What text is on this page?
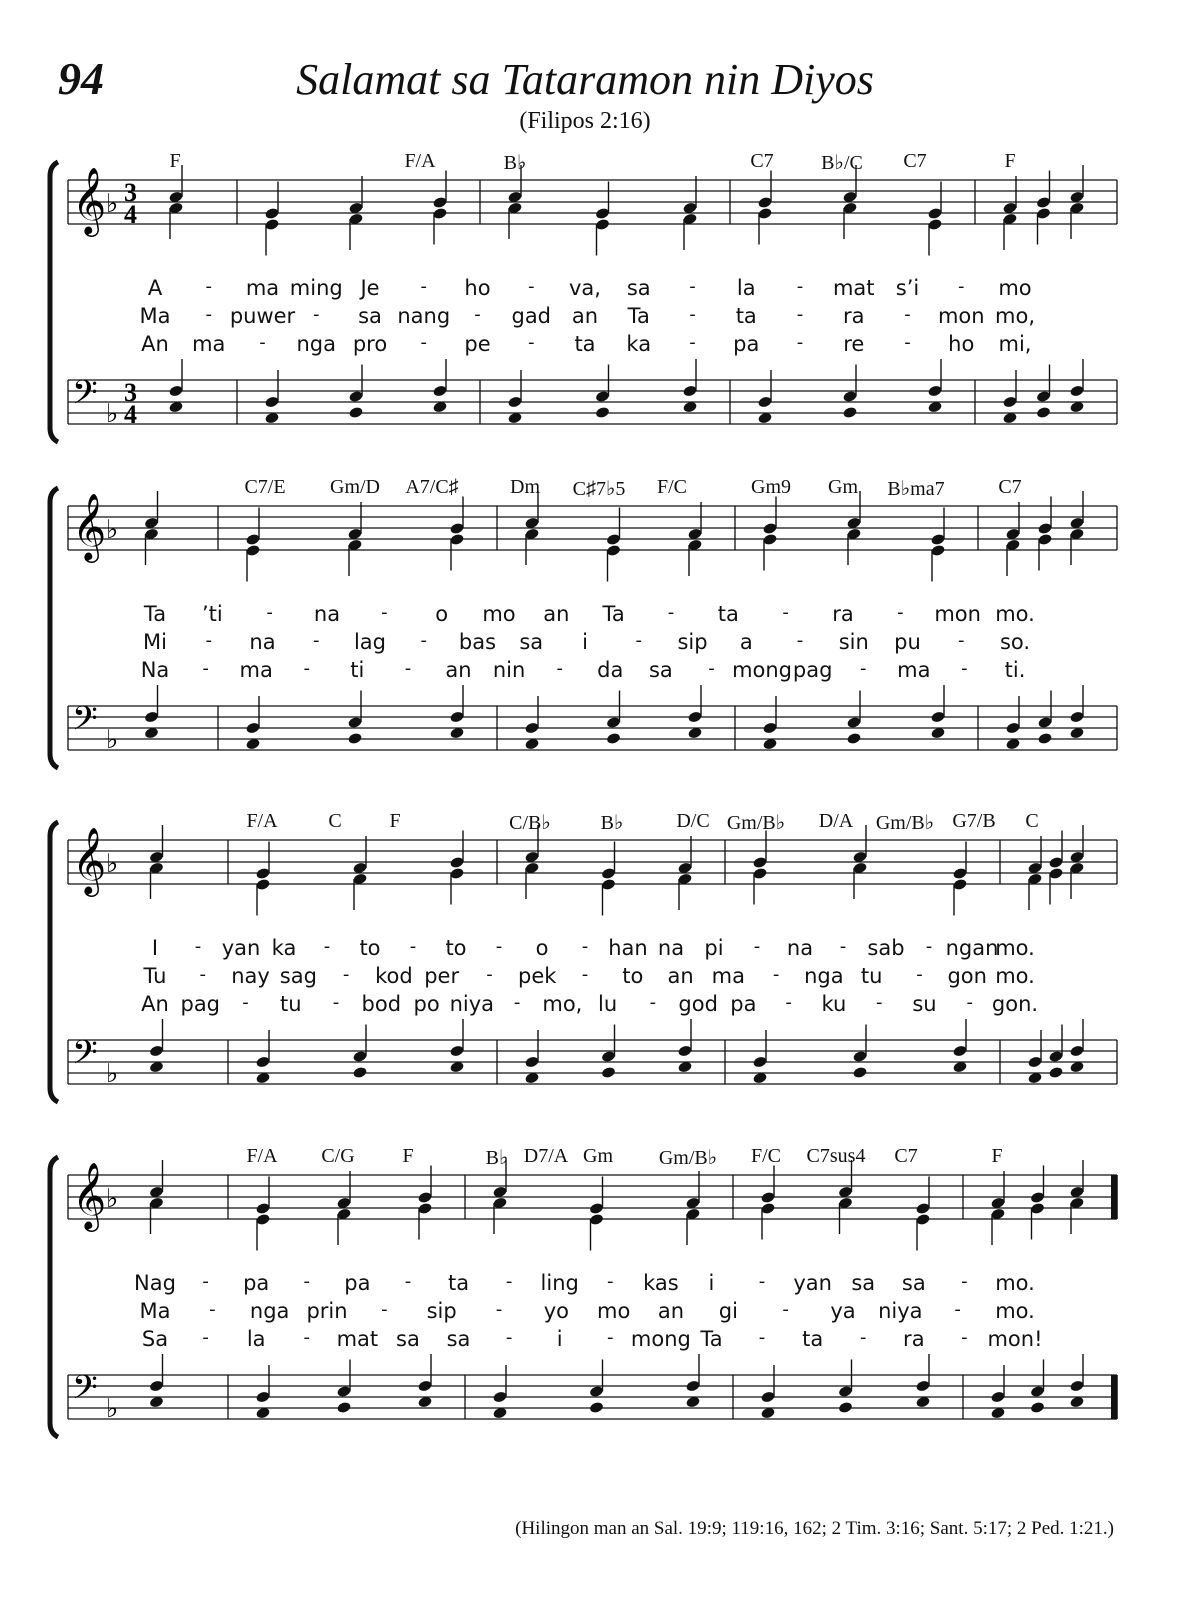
94	Salamat sa Tataramon nin Diyos
(Filipos 2:16)
F	F/A	B♭	C7 B♭/C C7	F
𝄞 ♭ 3
4
𝄢 ♭
3
4
A - ma ming Je - ho - va, sa - la - mat s’i - mo
Ma - puwer - sa nang - gad an Ta - ta - ra - mon mo,
An ma - nga pro - pe - ta ka - pa - re - ho mi,
C7/E Gm/D A7/C♯	Dm C♯7♭5 F/C	Gm9 Gm B♭ma7	C7
𝄞 ♭
𝄢 ♭
Ta ’ti - na - o mo an Ta - ta - ra - mon mo.
Mi - na - lag - bas sa i	- sip a - sin pu - so.
Na - ma - ti - an nin - da sa - mong pag - ma - ti.
F/A	C F	C/B♭ B♭	D/C Gm/B♭ D/A Gm/B♭ G7/B C
𝄞 ♭
𝄢 ♭
I - yan ka - to - to - o - han na pi - na - sab - ngan
mo.
Tu - nay sag - kod per - pek - to an ma - nga tu - gon mo.
An pag - tu - bod po niya - mo, lu - god pa - ku - su - gon.
F/A C/G F	B♭ D7/A Gm Gm/B♭ F/C C7sus4 C7	F
𝄞 ♭
𝄢 ♭
Nag - pa - pa - ta - ling - kas i - yan sa sa - mo.
Ma - nga prin - sip - yo mo an gi - ya niya - mo.
Sa - la - mat sa sa - i - mong Ta - ta - ra - mon!
(Hilingon man an Sal. 19:9; 119:16, 162; 2 Tim. 3:16; Sant. 5:17; 2 Ped. 1:21.)
